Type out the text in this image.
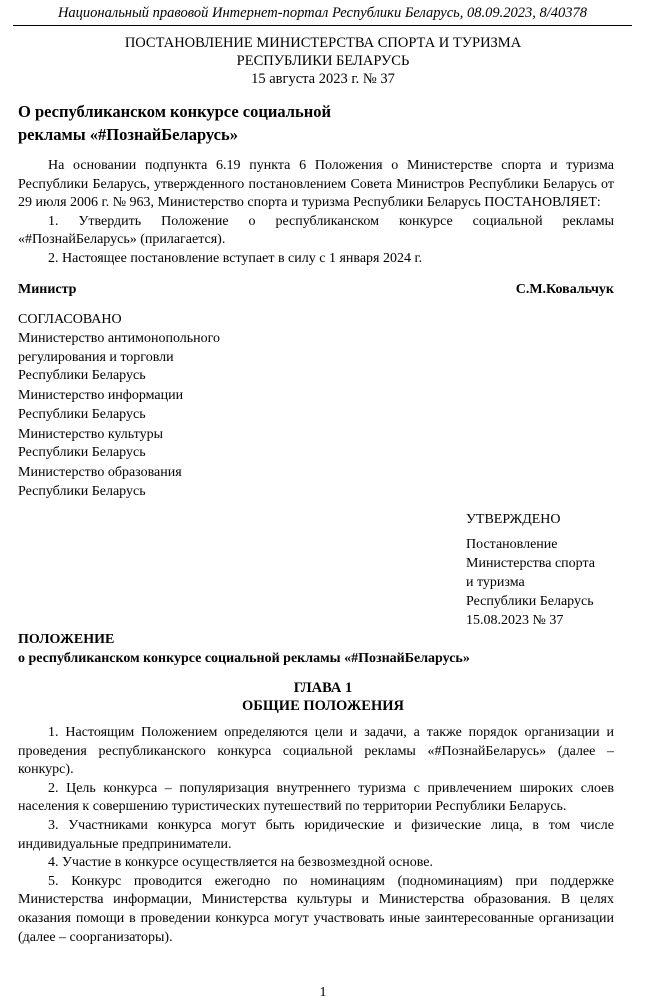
Национальный правовой Интернет-портал Республики Беларусь, 08.09.2023, 8/40378
ПОСТАНОВЛЕНИЕ МИНИСТЕРСТВА СПОРТА И ТУРИЗМА
РЕСПУБЛИКИ БЕЛАРУСЬ
15 августа 2023 г. № 37
О республиканском конкурсе социальной
рекламы «#ПознайБеларусь»

На основании подпункта 6.19 пункта 6 Положения о Министерстве спорта и туризма Республики Беларусь, утвержденного постановлением Совета Министров Республики Беларусь от 29 июля 2006 г. № 963, Министерство спорта и туризма Республики Беларусь ПОСТАНОВЛЯЕТ:

1. Утвердить Положение о республиканском конкурсе социальной рекламы «#ПознайБеларусь» (прилагается).

2. Настоящее постановление вступает в силу с 1 января 2024 г.

Министр	С.М.Ковальчук
СОГЛАСОВАНО
Министерство антимонопольного
регулирования и торговли
Республики Беларусь
Министерство информации
Республики Беларусь
Министерство культуры
Республики Беларусь
Министерство образования
Республики Беларусь
УТВЕРЖДЕНО
Постановление
Министерства спорта
и туризма
Республики Беларусь
15.08.2023 № 37
ПОЛОЖЕНИЕ
о республиканском конкурсе социальной рекламы «#ПознайБеларусь»
ГЛАВА 1
ОБЩИЕ ПОЛОЖЕНИЯ

1. Настоящим Положением определяются цели и задачи, а также порядок организации и проведения республиканского конкурса социальной рекламы «#ПознайБеларусь» (далее – конкурс).

2. Цель конкурса – популяризация внутреннего туризма с привлечением широких слоев населения к совершению туристических путешествий по территории Республики Беларусь.

3. Участниками конкурса могут быть юридические и физические лица, в том числе индивидуальные предприниматели.

4. Участие в конкурсе осуществляется на безвозмездной основе.

5. Конкурс проводится ежегодно по номинациям (подноминациям) при поддержке Министерства информации, Министерства культуры и Министерства образования. В целях оказания помощи в проведении конкурса могут участвовать иные заинтересованные организации (далее – соорганизаторы).

1
